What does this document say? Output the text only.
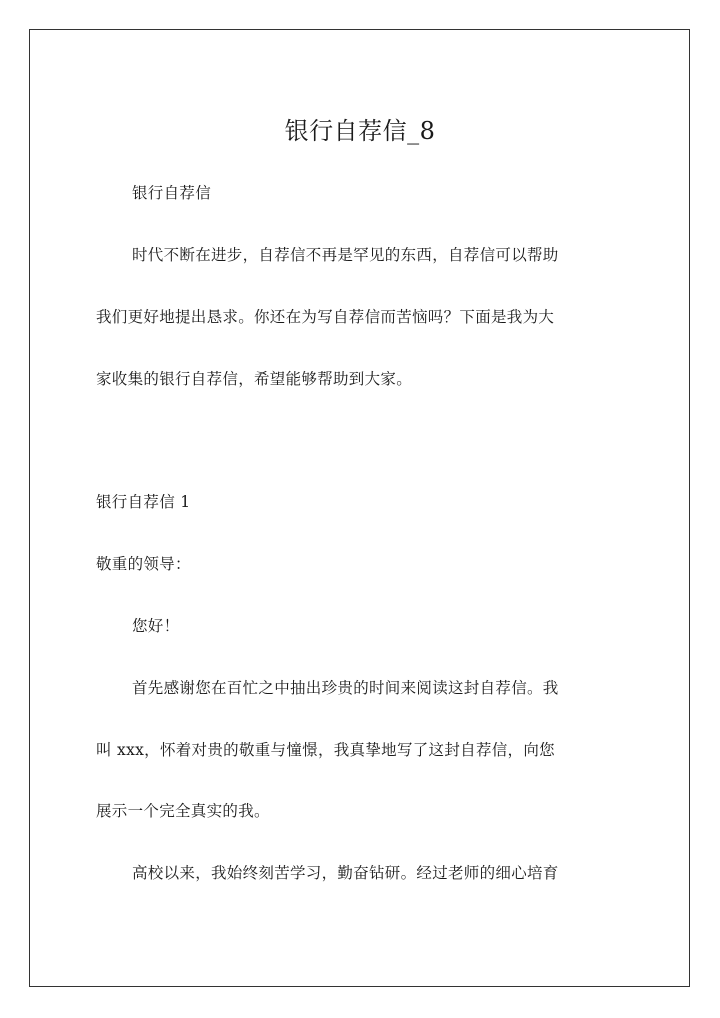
银行自荐信_8
银行自荐信
时代不断在进步，自荐信不再是罕见的东西，自荐信可以帮助
我们更好地提出恳求。你还在为写自荐信而苦恼吗？下面是我为大
家收集的银行自荐信，希望能够帮助到大家。
银行自荐信 1
敬重的领导：
您好！
首先感谢您在百忙之中抽出珍贵的时间来阅读这封自荐信。我
叫 xxx，怀着对贵的敬重与憧憬，我真挚地写了这封自荐信，向您
展示一个完全真实的我。
高校以来，我始终刻苦学习，勤奋钻研。经过老师的细心培育
